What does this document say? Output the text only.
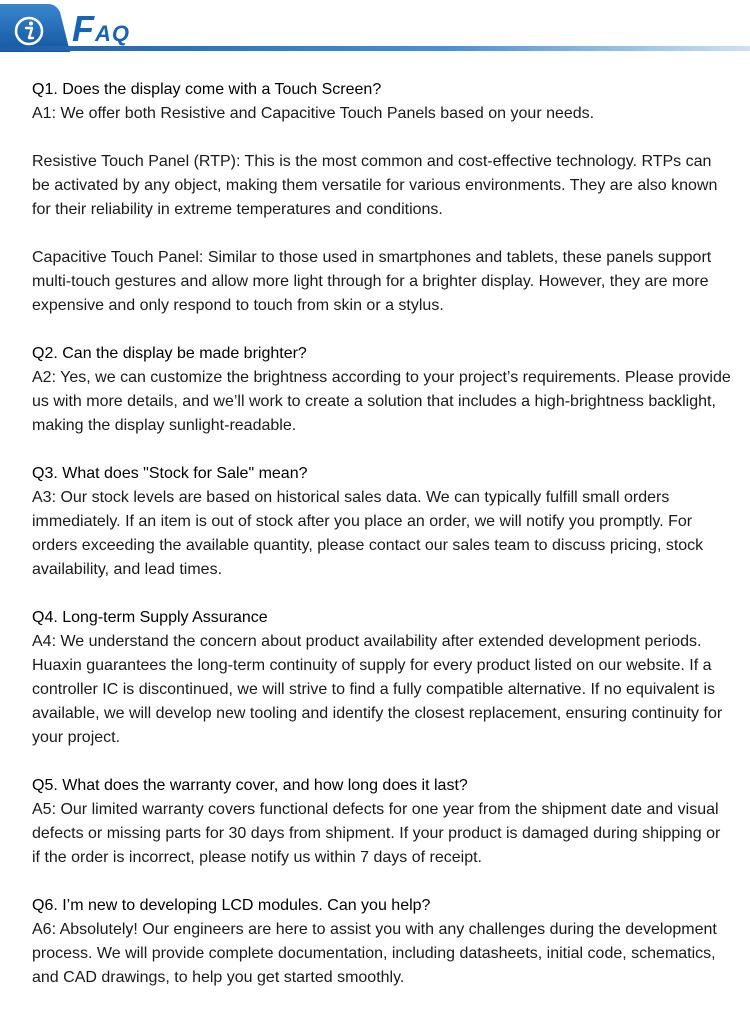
FAQ

Q1. Does the display come with a Touch Screen?

A1: We offer both Resistive and Capacitive Touch Panels based on your needs.

Resistive Touch Panel (RTP): This is the most common and cost-effective technology. RTPs can be activated by any object, making them versatile for various environments. They are also known for their reliability in extreme temperatures and conditions.

Capacitive Touch Panel: Similar to those used in smartphones and tablets, these panels support multi-touch gestures and allow more light through for a brighter display. However, they are more expensive and only respond to touch from skin or a stylus.

Q2. Can the display be made brighter?

A2: Yes, we can customize the brightness according to your project’s requirements. Please provide us with more details, and we’ll work to create a solution that includes a high-brightness backlight, making the display sunlight-readable.

Q3. What does "Stock for Sale" mean?

A3: Our stock levels are based on historical sales data. We can typically fulfill small orders immediately. If an item is out of stock after you place an order, we will notify you promptly. For orders exceeding the available quantity, please contact our sales team to discuss pricing, stock availability, and lead times.

Q4. Long-term Supply Assurance

A4: We understand the concern about product availability after extended development periods. Huaxin guarantees the long-term continuity of supply for every product listed on our website. If a controller IC is discontinued, we will strive to find a fully compatible alternative. If no equivalent is available, we will develop new tooling and identify the closest replacement, ensuring continuity for your project.

Q5. What does the warranty cover, and how long does it last?

A5: Our limited warranty covers functional defects for one year from the shipment date and visual defects or missing parts for 30 days from shipment. If your product is damaged during shipping or if the order is incorrect, please notify us within 7 days of receipt.

Q6. I’m new to developing LCD modules. Can you help?

A6: Absolutely! Our engineers are here to assist you with any challenges during the development process. We will provide complete documentation, including datasheets, initial code, schematics, and CAD drawings, to help you get started smoothly.
